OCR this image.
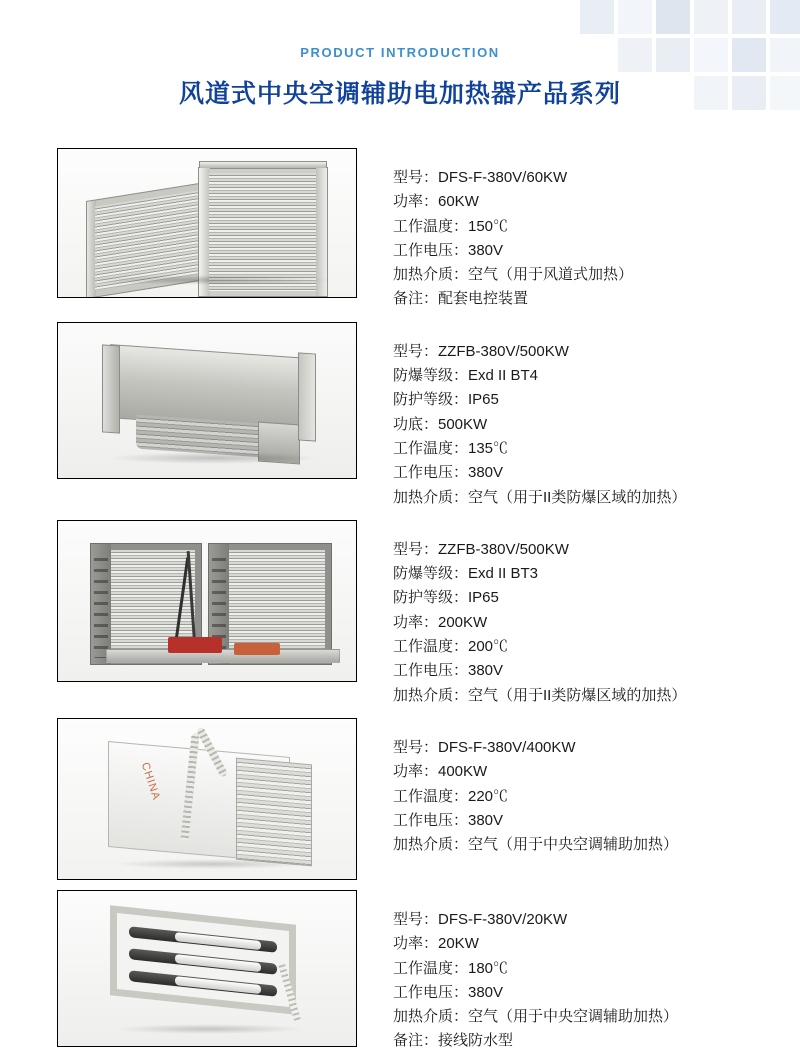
PRODUCT INTRODUCTION
风道式中央空调辅助电加热器产品系列
型号：DFS-F-380V/60KW
功率：60KW
工作温度：150℃
工作电压：380V
加热介质：空气（用于风道式加热）
备注：配套电控装置
型号：ZZFB-380V/500KW
防爆等级：Exd II BT4
防护等级：IP65
功底：500KW
工作温度：135℃
工作电压：380V
加热介质：空气（用于II类防爆区域的加热）
型号：ZZFB-380V/500KW
防爆等级：Exd II BT3
防护等级：IP65
功率：200KW
工作温度：200℃
工作电压：380V
加热介质：空气（用于II类防爆区域的加热）
CHINA
型号：DFS-F-380V/400KW
功率：400KW
工作温度：220℃
工作电压：380V
加热介质：空气（用于中央空调辅助加热）
型号：DFS-F-380V/20KW
功率：20KW
工作温度：180℃
工作电压：380V
加热介质：空气（用于中央空调辅助加热）
备注：接线防水型
